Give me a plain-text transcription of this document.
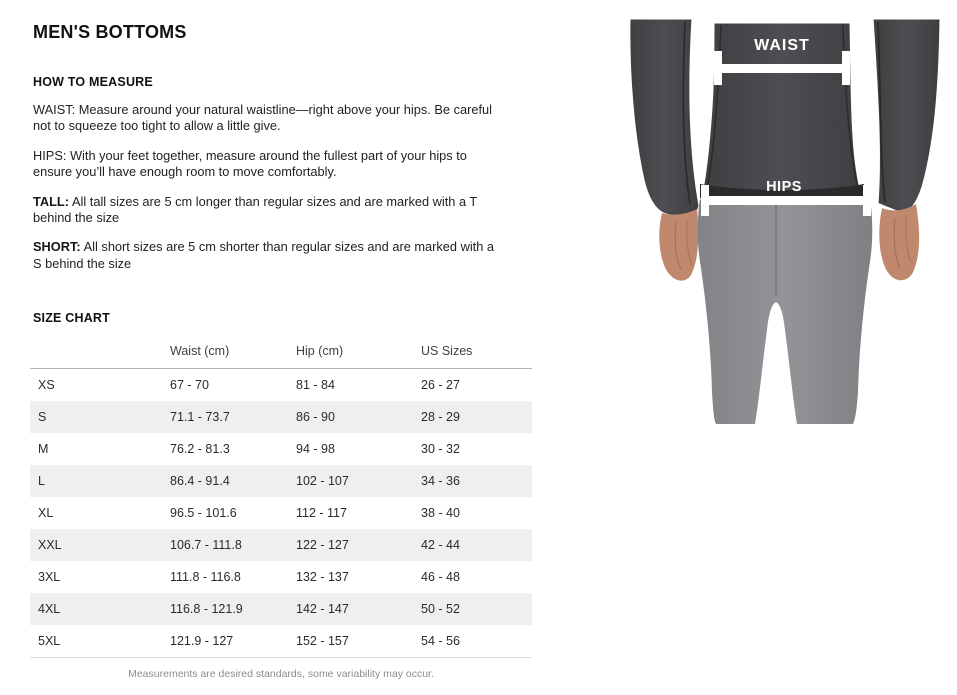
MEN'S BOTTOMS
HOW TO MEASURE

WAIST: Measure around your natural waistline—right above your hips. Be careful not to squeeze too tight to allow a little give.

HIPS: With your feet together, measure around the fullest part of your hips to ensure you’ll have enough room to move comfortably.

TALL: All tall sizes are 5 cm longer than regular sizes and are marked with a T behind the size

SHORT: All short sizes are 5 cm shorter than regular sizes and are marked with a S behind the size

SIZE CHART
	Waist (cm)	Hip (cm)	US Sizes
XS	67 - 70	81 - 84	26 - 27
S	71.1 - 73.7	86 - 90	28 - 29
M	76.2 - 81.3	94 - 98	30 - 32
L	86.4 - 91.4	102 - 107	34 - 36
XL	96.5 - 101.6	112 - 117	38 - 40
XXL	106.7 - 111.8	122 - 127	42 - 44
3XL	111.8 - 116.8	132 - 137	46 - 48
4XL	116.8 - 121.9	142 - 147	50 - 52
5XL	121.9 - 127	152 - 157	54 - 56
Measurements are desired standards, some variability may occur.
WAIST
HIPS
